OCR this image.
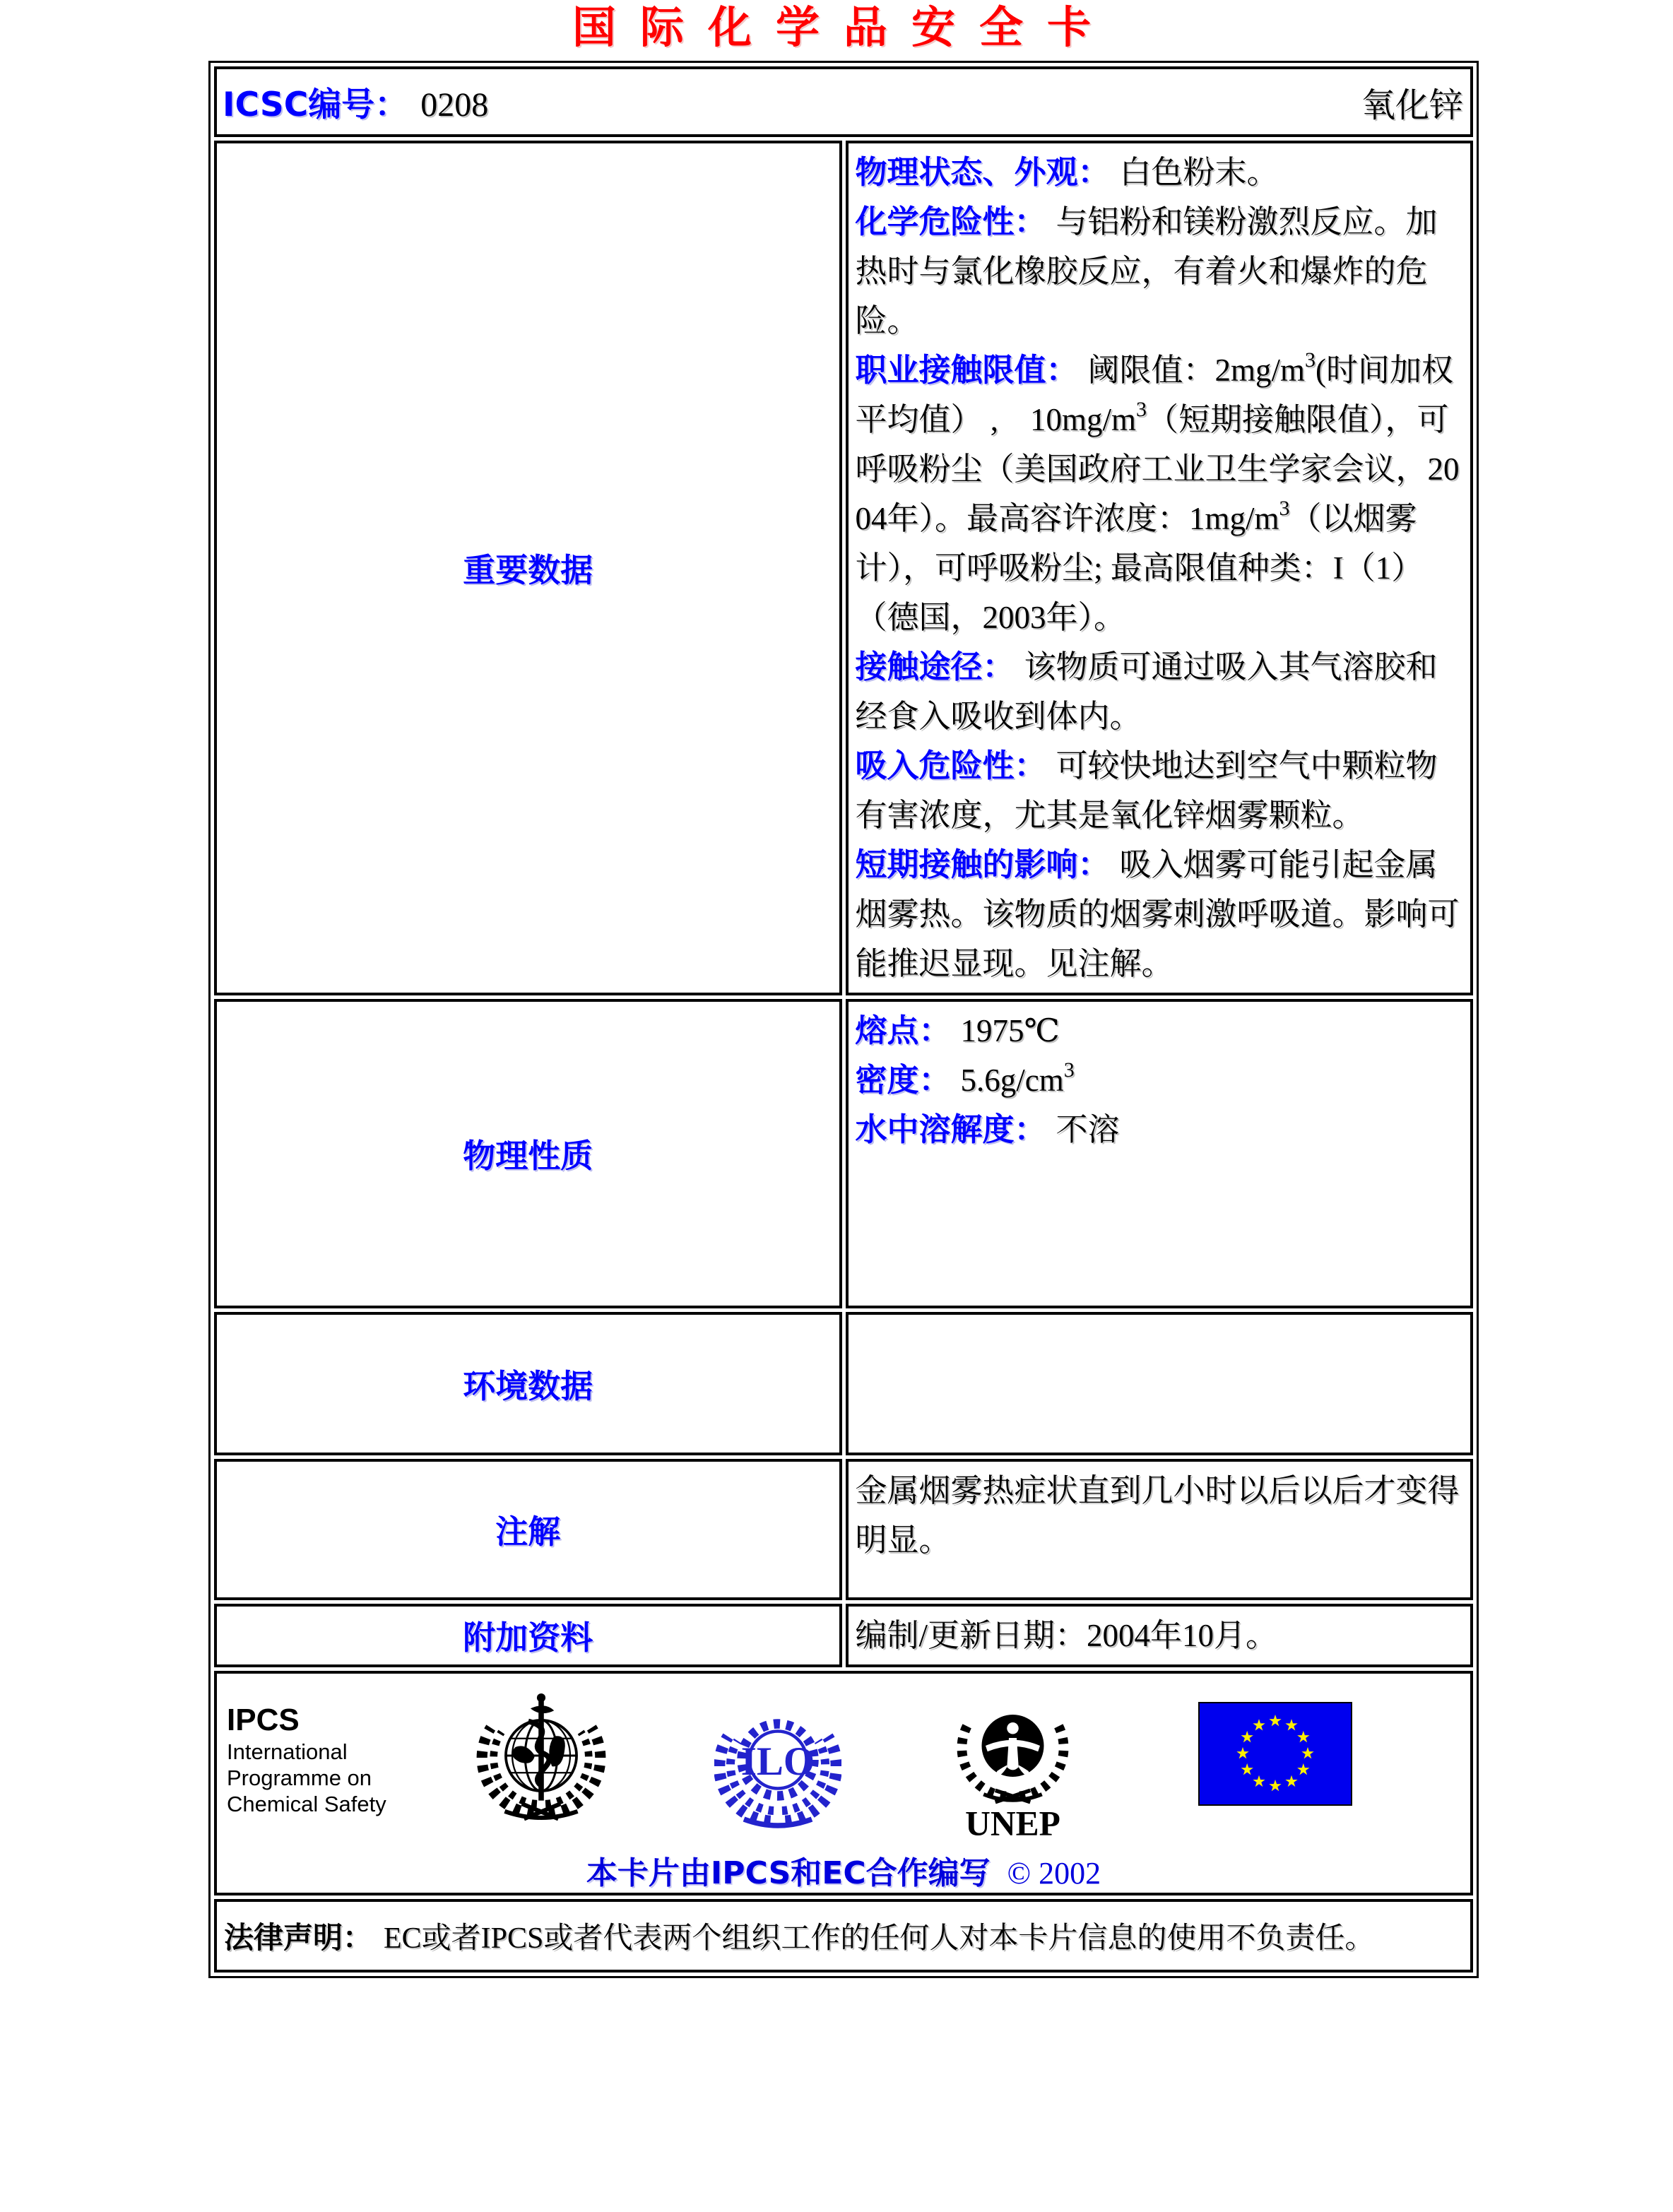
国际化学品安全卡
ICSC编号： 0208 氧化锌	

重要数据	
物理状态、外观： 白色粉末。
化学危险性： 与铝粉和镁粉激烈反应。加热时与氯化橡胶反应，有着火和爆炸的危险。
职业接触限值： 阈限值：$2mg/m^3$(时间加权平均值） ,　$10mg/m^3$（短期接触限值），可呼吸粉尘（美国政府工业卫生学家会议，2004年）。最高容许浓度：$1mg/m^3$（以烟雾计），可呼吸粉尘; 最高限值种类：I（1）（德国，2003年）。
接触途径： 该物质可通过吸入其气溶胶和经食入吸收到体内。
吸入危险性： 可较快地达到空气中颗粒物有害浓度，尤其是氧化锌烟雾颗粒。
短期接触的影响： 吸入烟雾可能引起金属烟雾热。该物质的烟雾刺激呼吸道。影响可能推迟显现。见注解。

物理性质	熔点： 1975℃
密度： $5.6g/cm^3$
水中溶解度： 不溶

环境数据	

注解	金属烟雾热症状直到几小时以后以后才变得明显。

附加资料	编制/更新日期：2004年10月。

IPCS
International
Programme on
Chemical Safety
ILO
UNEP
本卡片由IPCS和EC合作编写 © 2002

法律声明： EC或者IPCS或者代表两个组织工作的任何人对本卡片信息的使用不负责任。	
